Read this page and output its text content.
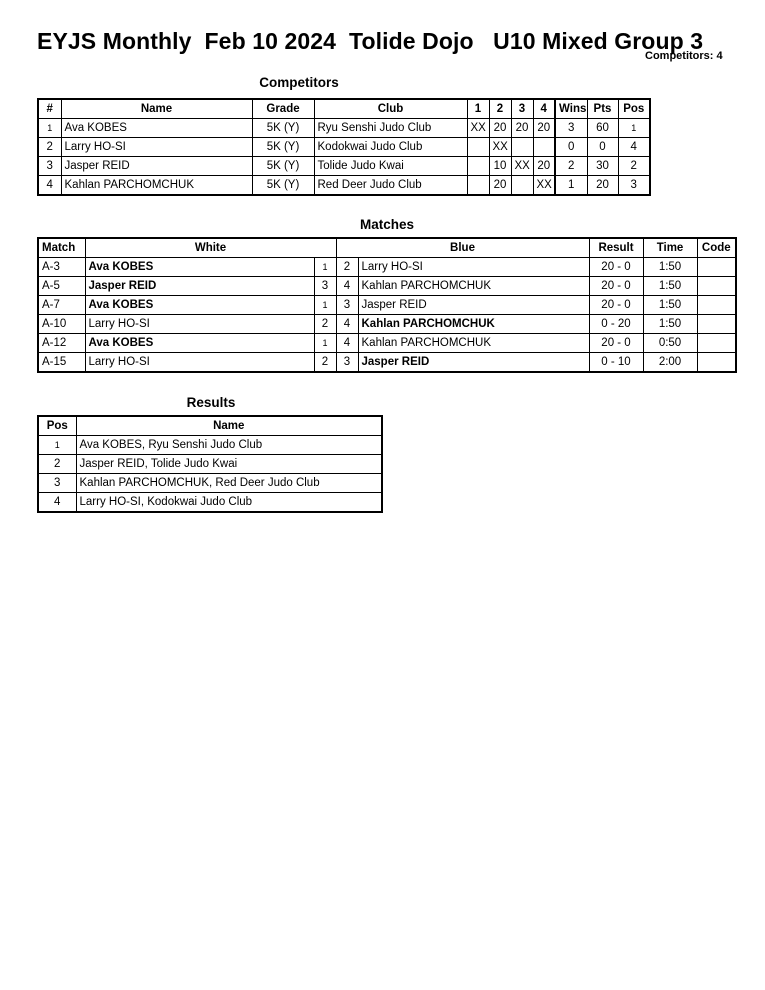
EYJS Monthly  Feb 10 2024  Tolide Dojo   U10 Mixed Group 3
Competitors: 4
Competitors
#	Name	Grade	Club	1	2	3	4	Wins	Pts	Pos
1	Ava KOBES	5K (Y)	Ryu Senshi Judo Club	XX	20	20	20	3	60	1
2	Larry HO-SI	5K (Y)	Kodokwai Judo Club		XX			0	0	4
3	Jasper REID	5K (Y)	Tolide Judo Kwai		10	XX	20	2	30	2
4	Kahlan PARCHOMCHUK	5K (Y)	Red Deer Judo Club		20		XX	1	20	3
Matches
Match	White		Blue		Result	Time	Code
A-3	Ava KOBES	1	2	Larry HO-SI	20 - 0	1:50	
A-5	Jasper REID	3	4	Kahlan PARCHOMCHUK	20 - 0	1:50	
A-7	Ava KOBES	1	3	Jasper REID	20 - 0	1:50	
A-10	Larry HO-SI	2	4	Kahlan PARCHOMCHUK	0 - 20	1:50	
A-12	Ava KOBES	1	4	Kahlan PARCHOMCHUK	20 - 0	0:50	
A-15	Larry HO-SI	2	3	Jasper REID	0 - 10	2:00	
Results
Pos	Name
1	Ava KOBES, Ryu Senshi Judo Club
2	Jasper REID, Tolide Judo Kwai
3	Kahlan PARCHOMCHUK, Red Deer Judo Club
4	Larry HO-SI, Kodokwai Judo Club
